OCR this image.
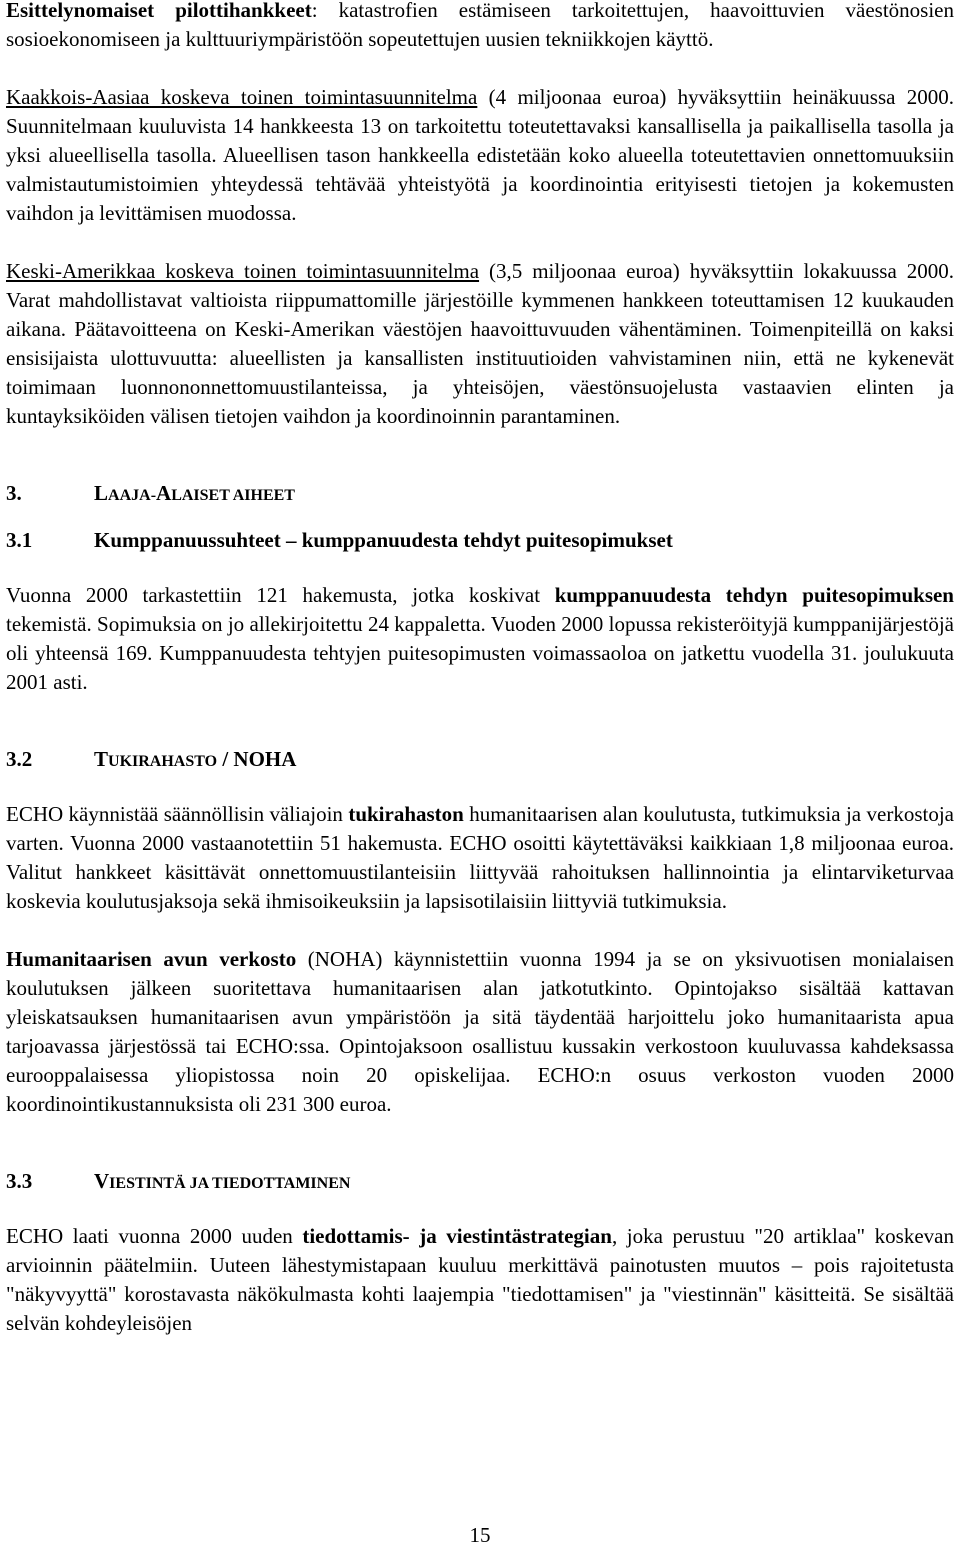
Esittelynomaiset pilottihankkeet: katastrofien estämiseen tarkoitettujen, haavoittuvien väestönosien sosioekonomiseen ja kulttuuriympäristöön sopeutettujen uusien tekniikkojen käyttö.

Kaakkois-Aasiaa koskeva toinen toimintasuunnitelma (4 miljoonaa euroa) hyväksyttiin heinäkuussa 2000. Suunnitelmaan kuuluvista 14 hankkeesta 13 on tarkoitettu toteutettavaksi kansallisella ja paikallisella tasolla ja yksi alueellisella tasolla. Alueellisen tason hankkeella edistetään koko alueella toteutettavien onnettomuuksiin valmistautumistoimien yhteydessä tehtävää yhteistyötä ja koordinointia erityisesti tietojen ja kokemusten vaihdon ja levittämisen muodossa.

Keski-Amerikkaa koskeva toinen toimintasuunnitelma (3,5 miljoonaa euroa) hyväksyttiin lokakuussa 2000. Varat mahdollistavat valtioista riippumattomille järjestöille kymmenen hankkeen toteuttamisen 12 kuukauden aikana. Päätavoitteena on Keski-Amerikan väestöjen haavoittuvuuden vähentäminen. Toimenpiteillä on kaksi ensisijaista ulottuvuutta: alueellisten ja kansallisten instituutioiden vahvistaminen niin, että ne kykenevät toimimaan luonnononnettomuustilanteissa, ja yhteisöjen, väestönsuojelusta vastaavien elinten ja kuntayksiköiden välisen tietojen vaihdon ja koordinoinnin parantaminen.

3.	LAAJA-ALAISET AIHEET
3.1	Kumppanuussuhteet – kumppanuudesta tehdyt puitesopimukset

Vuonna 2000 tarkastettiin 121 hakemusta, jotka koskivat kumppanuudesta tehdyn puitesopimuksen tekemistä. Sopimuksia on jo allekirjoitettu 24 kappaletta. Vuoden 2000 lopussa rekisteröityjä kumppanijärjestöjä oli yhteensä 169. Kumppanuudesta tehtyjen puitesopimusten voimassaoloa on jatkettu vuodella 31. joulukuuta 2001 asti.

3.2	TUKIRAHASTO / NOHA

ECHO käynnistää säännöllisin väliajoin tukirahaston humanitaarisen alan koulutusta, tutkimuksia ja verkostoja varten. Vuonna 2000 vastaanotettiin 51 hakemusta. ECHO osoitti käytettäväksi kaikkiaan 1,8 miljoonaa euroa. Valitut hankkeet käsittävät onnettomuustilanteisiin liittyvää rahoituksen hallinnointia ja elintarviketurvaa koskevia koulutusjaksoja sekä ihmisoikeuksiin ja lapsisotilaisiin liittyviä tutkimuksia.

Humanitaarisen avun verkosto (NOHA) käynnistettiin vuonna 1994 ja se on yksivuotisen monialaisen koulutuksen jälkeen suoritettava humanitaarisen alan jatkotutkinto. Opintojakso sisältää kattavan yleiskatsauksen humanitaarisen avun ympäristöön ja sitä täydentää harjoittelu joko humanitaarista apua tarjoavassa järjestössä tai ECHO:ssa. Opintojaksoon osallistuu kussakin verkostoon kuuluvassa kahdeksassa eurooppalaisessa yliopistossa noin 20 opiskelijaa. ECHO:n osuus verkoston vuoden 2000 koordinointikustannuksista oli 231 300 euroa.

3.3	VIESTINTÄ JA TIEDOTTAMINEN

ECHO laati vuonna 2000 uuden tiedottamis- ja viestintästrategian, joka perustuu "20 artiklaa" koskevan arvioinnin päätelmiin. Uuteen lähestymistapaan kuuluu merkittävä painotusten muutos – pois rajoitetusta "näkyvyyttä" korostavasta näkökulmasta kohti laajempia "tiedottamisen" ja "viestinnän" käsitteitä. Se sisältää selvän kohdeyleisöjen

15
